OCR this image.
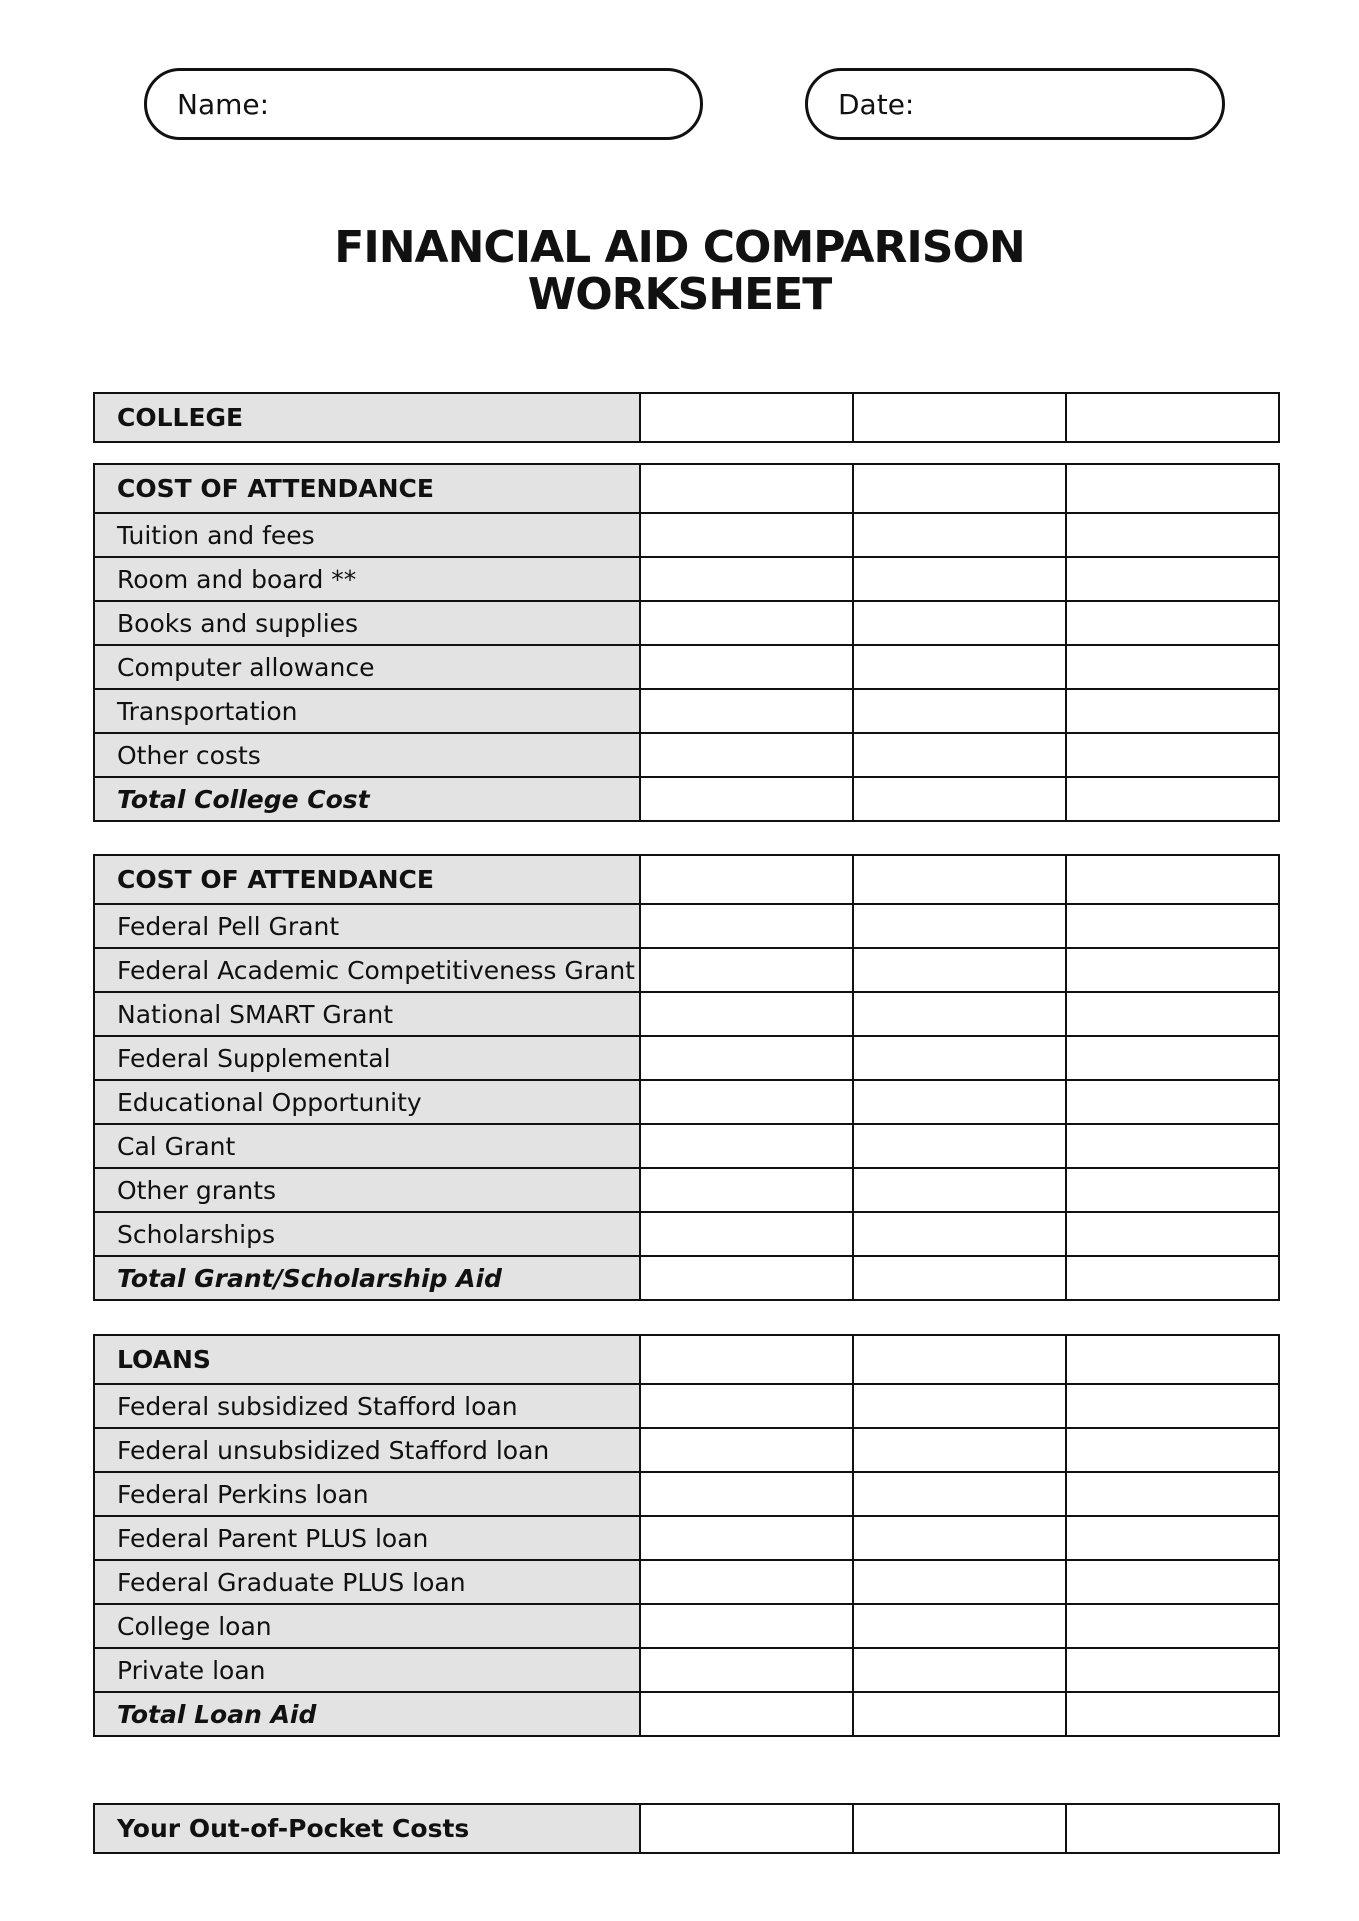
Name:	Date:
FINANCIAL AID COMPARISON
WORKSHEET
COLLEGE			
COST OF ATTENDANCE			
Tuition and fees			
Room and board **			
Books and supplies			
Computer allowance			
Transportation			
Other costs			
Total College Cost			
COST OF ATTENDANCE			
Federal Pell Grant			
Federal Academic Competitiveness Grant			
National SMART Grant			
Federal Supplemental			
Educational Opportunity			
Cal Grant			
Other grants			
Scholarships			
Total Grant/Scholarship Aid			
LOANS			
Federal subsidized Stafford loan			
Federal unsubsidized Stafford loan			
Federal Perkins loan			
Federal Parent PLUS loan			
Federal Graduate PLUS loan			
College loan			
Private loan			
Total Loan Aid			
Your Out-of-Pocket Costs			
